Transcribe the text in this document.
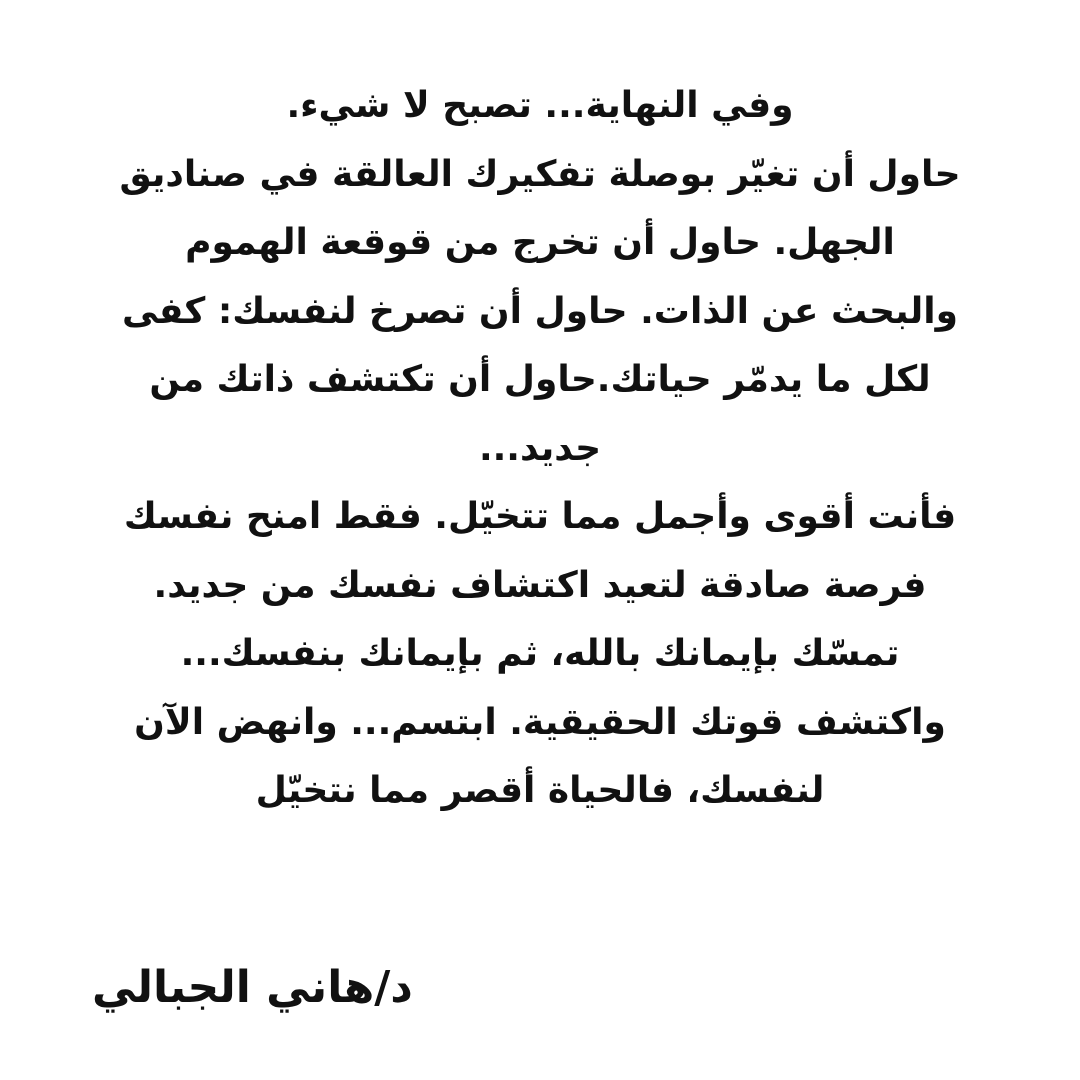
وفي النهاية... تصبح لا شيء.
حاول أن تغيّر بوصلة تفكيرك العالقة في صناديق
الجهل. حاول أن تخرج من قوقعة الهموم
والبحث عن الذات. حاول أن تصرخ لنفسك: كفى
لكل ما يدمّر حياتك.حاول أن تكتشف ذاتك من
جديد...
فأنت أقوى وأجمل مما تتخيّل. فقط امنح نفسك
فرصة صادقة لتعيد اكتشاف نفسك من جديد.
تمسّك بإيمانك بالله، ثم بإيمانك بنفسك...
واكتشف قوتك الحقيقية. ابتسم... وانهض الآن
لنفسك، فالحياة أقصر مما نتخيّل
د/هاني الجبالي
